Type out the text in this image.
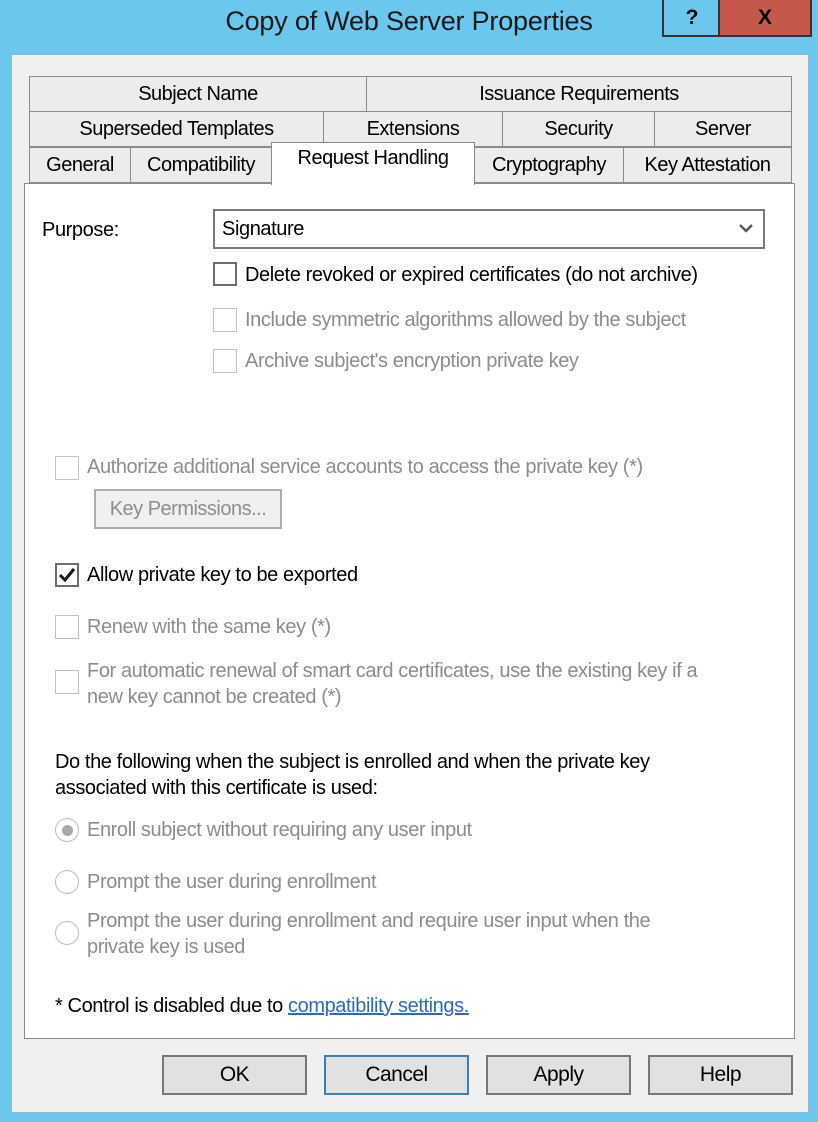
Copy of Web Server Properties	?	X
Subject Name	Issuance Requirements
Superseded Templates	Extensions	Security	Server
General Compatibility Request Handling Cryptography Key Attestation
Purpose:	Signature
Delete revoked or expired certificates (do not archive)
Include symmetric algorithms allowed by the subject
Archive subject's encryption private key
Authorize additional service accounts to access the private key (*)
Key Permissions...
Allow private key to be exported
Renew with the same key (*)
For automatic renewal of smart card certificates, use the existing key if a
new key cannot be created (*)
Do the following when the subject is enrolled and when the private key
associated with this certificate is used:
Enroll subject without requiring any user input
Prompt the user during enrollment
Prompt the user during enrollment and require user input when the
private key is used
* Control is disabled due to compatibility settings.
OK	Cancel	Apply	Help
